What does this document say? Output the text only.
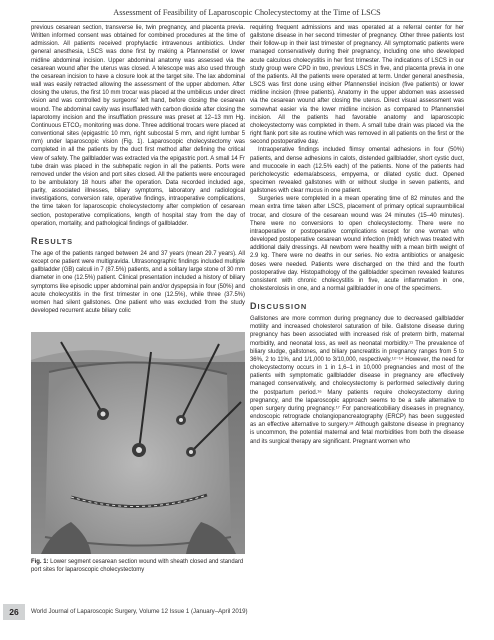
Assessment of Feasibility of Laparoscopic Cholecystectomy at the Time of LSCS

previous cesarean section, transverse lie, twin pregnancy, and placenta previa. Written informed consent was obtained for combined procedures at the time of admission. All patients received prophylactic intravenous antibiotics. Under general anesthesia, LSCS was done first by making a Pfannenstiel or lower midline abdominal incision. Upper abdominal anatomy was assessed via the cesarean wound after the uterus was closed. A telescope was also used through the cesarean incision to have a closure look at the target site. The lax abdominal wall was easily retracted allowing the assessment of the upper abdomen. After closing the uterus, the first 10 mm trocar was placed at the umbilicus under direct vision and was controlled by surgeons' left hand, before closing the cesarean wound. The abdominal cavity was insufflated with carbon dioxide after closing the laparotomy incision and the insufflation pressure was preset at 12–13 mm Hg. Continuous ETCO₂ monitoring was done. Three additional trocars were placed at conventional sites (epigastric 10 mm, right subcostal 5 mm, and right lumbar 5 mm) under laparoscopic vision (Fig. 1). Laparoscopic cholecystectomy was completed in all the patients by the duct first method after defining the critical view of safety. The gallbladder was extracted via the epigastric port. A small 14 Fr tube drain was placed in the subhepatic region in all the patients. Ports were removed under the vision and port sites closed. All the patients were encouraged to be ambulatory 18 hours after the operation. Data recorded included age, parity, associated illnesses, biliary symptoms, laboratory and radiological investigations, conversion rate, operative findings, intraoperative complications, the time taken for laparoscopic cholecystectomy after completion of cesarean section, postoperative complications, length of hospital stay from the day of operation, mortality, and pathological findings of gallbladder.

RESULTS

The age of the patients ranged between 24 and 37 years (mean 29.7 years). All except one patient were multigravida. Ultrasonographic findings included multiple gallbladder (GB) calculi in 7 (87.5%) patients, and a solitary large stone of 30 mm diameter in one (12.5%) patient. Clinical presentation included a history of biliary symptoms like episodic upper abdominal pain and/or dyspepsia in four (50%) and acute cholecystitis in the first trimester in one (12.5%), while three (37.5%) women had silent gallstones. One patient who was excluded from the study developed recurrent acute biliary colic

Fig. 1: Lower segment cesarean section wound with sheath closed and standard port sites for laparoscopic cholecystectomy

requiring frequent admissions and was operated at a referral center for her gallstone disease in her second trimester of pregnancy. Other three patients lost their follow-up in their last trimester of pregnancy. All symptomatic patients were managed conservatively during their pregnancy, including one who developed acute calculous cholecystitis in her first trimester. The indications of LSCS in our study group were CPD in two, previous LSCS in five, and placenta previa in one of the patients. All the patients were operated at term. Under general anesthesia, LSCS was first done using either Pfannenstiel incision (five patients) or lower midline incision (three patients). Anatomy in the upper abdomen was assessed via the cesarean wound after closing the uterus. Direct visual assessment was somewhat easier via the lower midline incision as compared to Pfannenstiel incision. All the patients had favorable anatomy and laparoscopic cholecystectomy was completed in them. A small tube drain was placed via the right flank port site as routine which was removed in all patients on the first or the second postoperative day.

Intraoperative findings included flimsy omental adhesions in four (50%) patients, and dense adhesions in calots, distended gallbladder, short cystic duct, and mucocele in each (12.5% each) of the patients. None of the patients had pericholecystic edema/abscess, empyema, or dilated cystic duct. Opened specimen revealed gallstones with or without sludge in seven patients, and gallstones with clear mucus in one patient.

Surgeries were completed in a mean operating time of 82 minutes and the mean extra time taken after LSCS, placement of primary optical supraumbilical trocar, and closure of the cesarean wound was 24 minutes (15–40 minutes). There were no conversions to open cholecystectomy. There were no intraoperative or postoperative complications except for one woman who developed postoperative cesarean wound infection (mild) which was treated with additional daily dressings. All newborn were healthy with a mean birth weight of 2.9 kg. There were no deaths in our series. No extra antibiotics or analgesic doses were needed. Patients were discharged on the third and the fourth postoperative day. Histopathology of the gallbladder specimen revealed features consistent with chronic cholecystitis in five, acute inflammation in one, cholesterolosis in one, and a normal gallbladder in one of the specimens.

DISCUSSION

Gallstones are more common during pregnancy due to decreased gallbladder motility and increased cholesterol saturation of bile. Gallstone disease during pregnancy has been associated with increased risk of preterm birth, maternal morbidity, and neonatal loss, as well as neonatal morbidity.¹¹ The prevalence of biliary sludge, gallstones, and biliary pancreatitis in pregnancy ranges from 5 to 36%, 2 to 11%, and 1/1,000 to 3/10,000, respectively.¹²⁻¹⁴ However, the need for cholecystectomy occurs in 1 in 1,6–1 in 10,000 pregnancies and most of the patients with symptomatic gallbladder disease in pregnancy are effectively managed conservatively, and cholecystectomy is performed selectively during the postpartum period.¹⁶ Many patients require cholecystectomy during pregnancy, and the laparoscopic approach seems to be a safe alternative to open surgery during pregnancy.¹⁷ For pancreaticobiliary diseases in pregnancy, endoscopic retrograde cholangiopancreatography (ERCP) has been suggested as an effective alternative to surgery.¹⁸ Although gallstone disease in pregnancy is uncommon, the potential maternal and fetal morbidities from both the disease and its surgical therapy are significant. Pregnant women who

26	World Journal of Laparoscopic Surgery, Volume 12 Issue 1 (January–April 2019)
